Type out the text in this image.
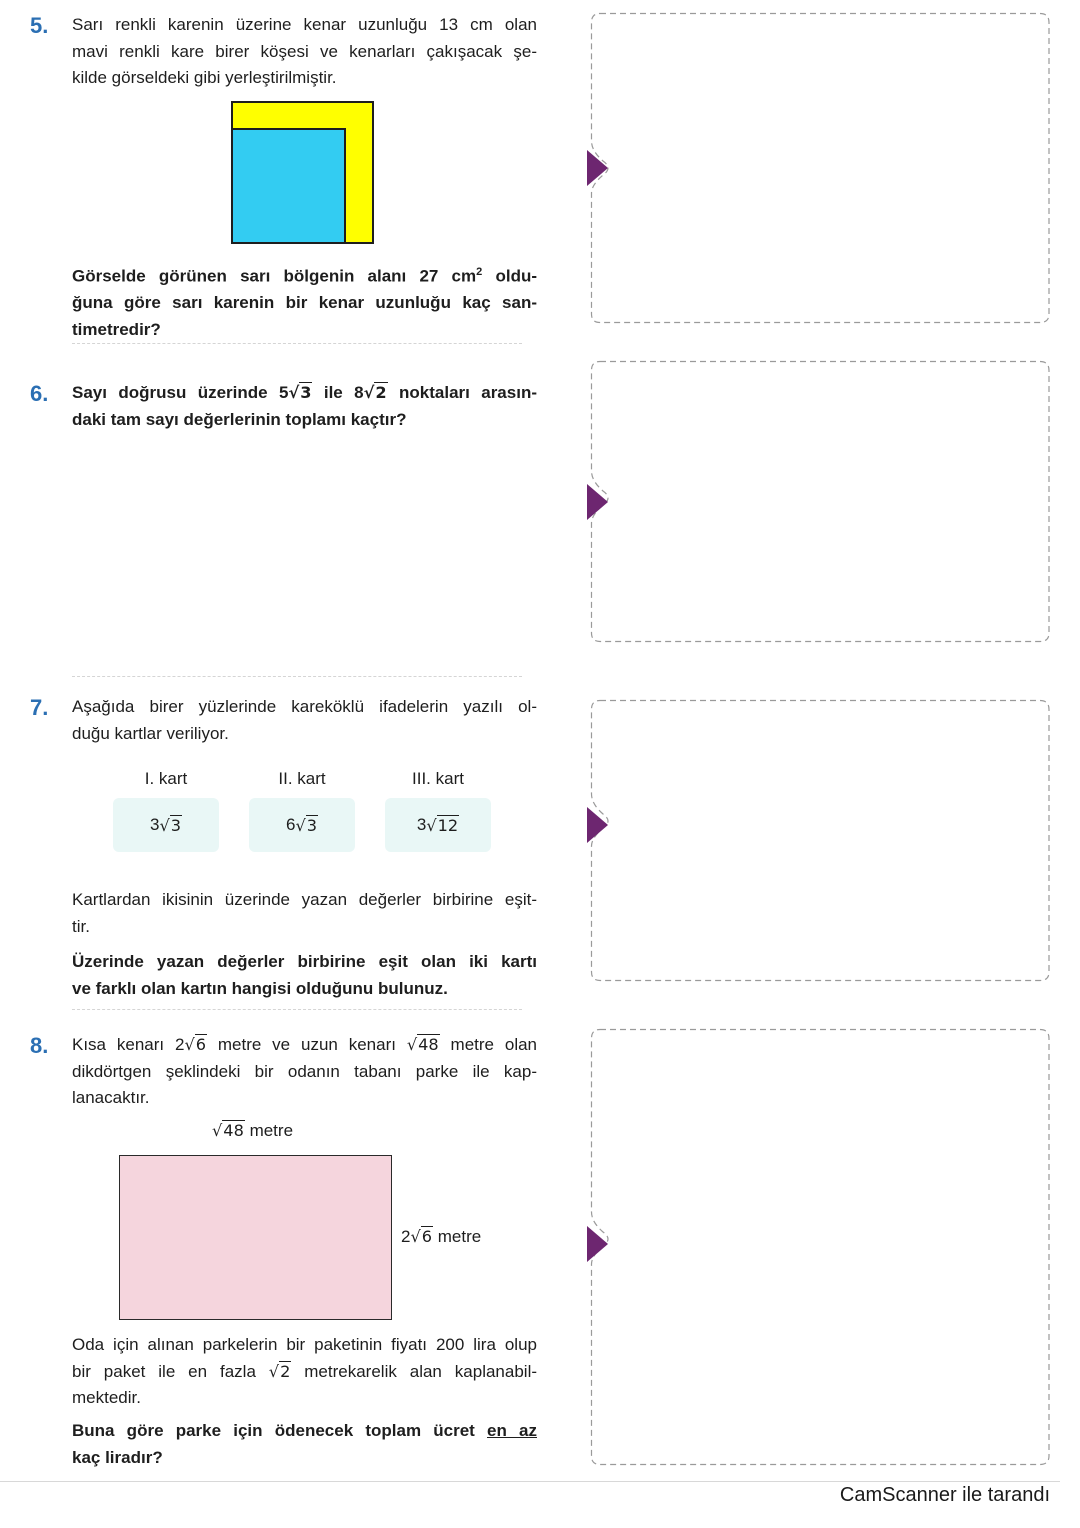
5. Sarı renkli karenin üzerine kenar uzunluğu 13 cm olan
mavi renkli kare birer köşesi ve kenarları çakışacak şe-
kilde görseldeki gibi yerleştirilmiştir.
Görselde görünen sarı bölgenin alanı 27 $cm^2$ oldu-
ğuna göre sarı karenin bir kenar uzunluğu kaç san-
timetredir?
6. Sayı doğrusu üzerinde 5√3 ile 8√2 noktaları arasın-
daki tam sayı değerlerinin toplamı kaçtır?
7. Aşağıda birer yüzlerinde kareköklü ifadelerin yazılı ol-
duğu kartlar veriliyor.
I. kart	II. kart	III. kart
3 √3	6 √3	3 √12
Kartlardan ikisinin üzerinde yazan değerler birbirine eşit-
tir.
Üzerinde yazan değerler birbirine eşit olan iki kartı
ve farklı olan kartın hangisi olduğunu bulunuz.
8. Kısa kenarı 2√6 metre ve uzun kenarı √48 metre olan
dikdörtgen şeklindeki bir odanın tabanı parke ile kap-
lanacaktır.
√48 metre
2√6 metre
Oda için alınan parkelerin bir paketinin fiyatı 200 lira olup
bir paket ile en fazla √2 metrekarelik alan kaplanabil-
mektedir.
Buna göre parke için ödenecek toplam ücret en az
kaç liradır?
CamScanner ile tarandı
